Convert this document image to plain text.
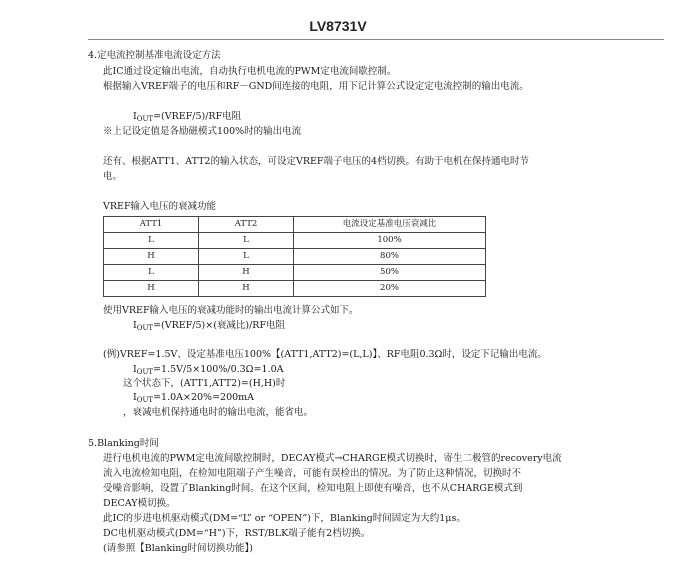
LV8731V
4.定电流控制基准电流设定方法
此IC通过设定输出电流，自动执行电机电流的PWM定电流间歇控制。
根据输入VREF端子的电压和RF－GND间连接的电阻，用下记计算公式设定定电流控制的输出电流。
$I_{OUT}=(VREF/5)/RF$电阻
※上记设定值是各励磁模式100%时的输出电流
还有、根据ATT1、ATT2的输入状态，可设定VREF端子电压的4档切换。有助于电机在保持通电时节
电。
VREF输入电压的衰减功能
ATT1	ATT2	电流设定基准电压衰减比
L	L	100%
H	L	80%
L	H	50%
H	H	20%
使用VREF输入电压的衰减功能时的输出电流计算公式如下。
$I_{OUT}=(VREF/5)\times$(衰减比)/RF电阻
(例)VREF=1.5V、设定基准电压100%【(ATT1,ATT2)=(L,L)】、RF电阻0.3Ω时，设定下记输出电流。
$I_{OUT}=1.5V/5\times 100\%/0.3\Omega=1.0A$
这个状态下，(ATT1,ATT2)=(H,H)时
$I_{OUT}=1.0A\times 20\%=200mA$
，衰减电机保持通电时的输出电流，能省电。
5.Blanking时间
进行电机电流的PWM定电流间歇控制时，DECAY模式→CHARGE模式切换时，寄生二极管的recovery电流
流入电流检知电阻，在检知电阻端子产生噪音，可能有误检出的情况。为了防止这种情况，切换时不
受噪音影响，设置了Blanking时间。在这个区间，检知电阻上即使有噪音，也不从CHARGE模式到
DECAY模切换。
此IC的步进电机驱动模式(DM=“L” or “OPEN”)下，Blanking时间固定为大约1μs。
DC电机驱动模式(DM=“H”)下，RST/BLK端子能有2档切换。
(请参照【Blanking时间切换功能】)
